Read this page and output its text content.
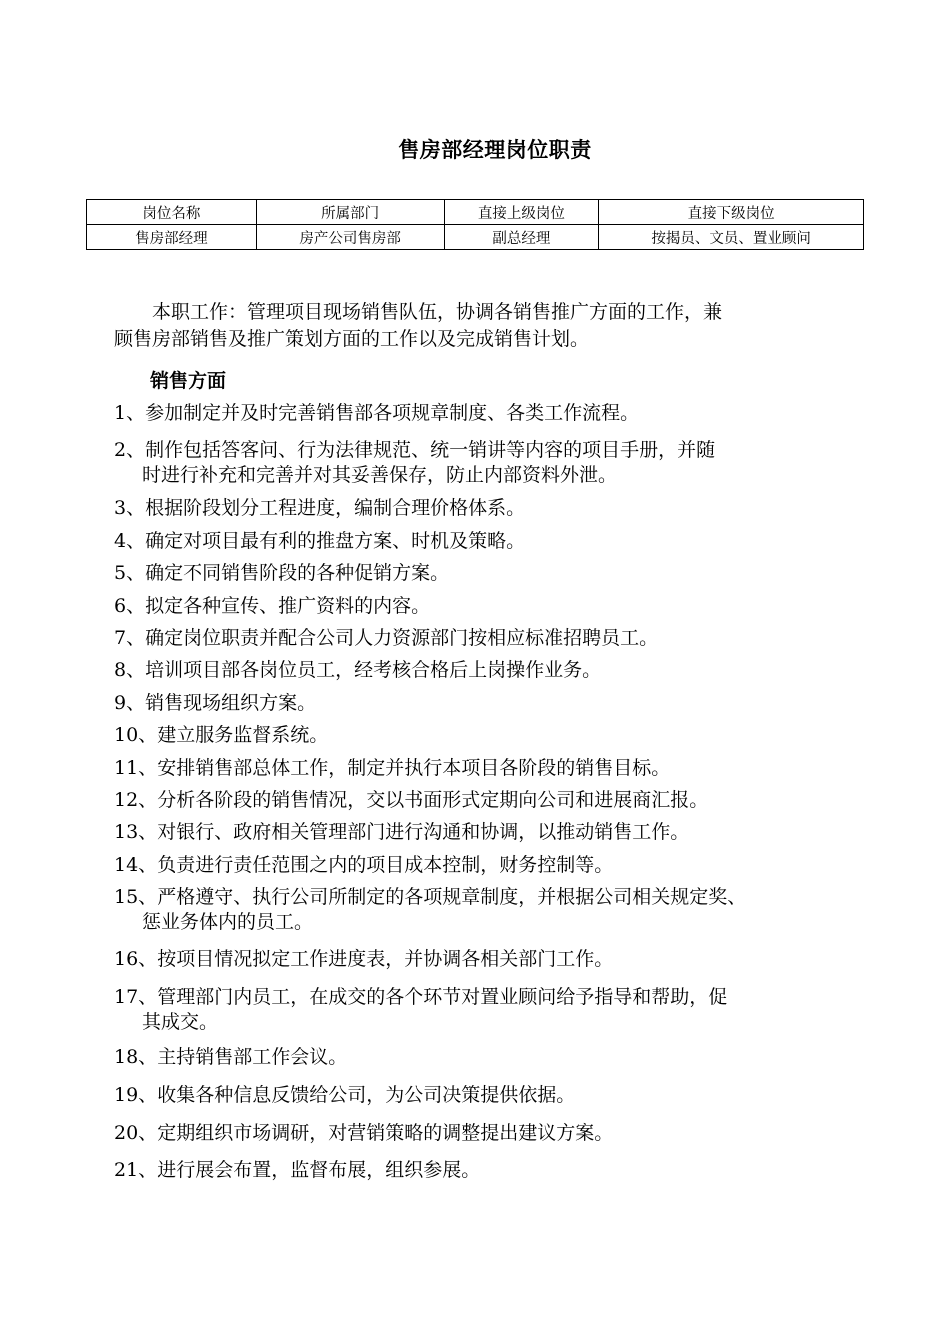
售房部经理岗位职责
岗位名称	所属部门	直接上级岗位	直接下级岗位
售房部经理	房产公司售房部	副总经理	按揭员、文员、置业顾问

本职工作：管理项目现场销售队伍，协调各销售推广方面的工作，兼

顾售房部销售及推广策划方面的工作以及完成销售计划。
销售方面
1、参加制定并及时完善销售部各项规章制度、各类工作流程。
2、制作包括答客问、行为法律规范、统一销讲等内容的项目手册，并随
时进行补充和完善并对其妥善保存，防止内部资料外泄。
3、根据阶段划分工程进度，编制合理价格体系。
4、确定对项目最有利的推盘方案、时机及策略。
5、确定不同销售阶段的各种促销方案。
6、拟定各种宣传、推广资料的内容。
7、确定岗位职责并配合公司人力资源部门按相应标准招聘员工。
8、培训项目部各岗位员工，经考核合格后上岗操作业务。
9、销售现场组织方案。
10、建立服务监督系统。
11、安排销售部总体工作，制定并执行本项目各阶段的销售目标。
12、分析各阶段的销售情况，交以书面形式定期向公司和进展商汇报。
13、对银行、政府相关管理部门进行沟通和协调，以推动销售工作。
14、负责进行责任范围之内的项目成本控制，财务控制等。
15、严格遵守、执行公司所制定的各项规章制度，并根据公司相关规定奖、
惩业务体内的员工。
16、按项目情况拟定工作进度表，并协调各相关部门工作。
17、管理部门内员工，在成交的各个环节对置业顾问给予指导和帮助，促
其成交。
18、主持销售部工作会议。
19、收集各种信息反馈给公司，为公司决策提供依据。
20、定期组织市场调研，对营销策略的调整提出建议方案。
21、进行展会布置，监督布展，组织参展。
